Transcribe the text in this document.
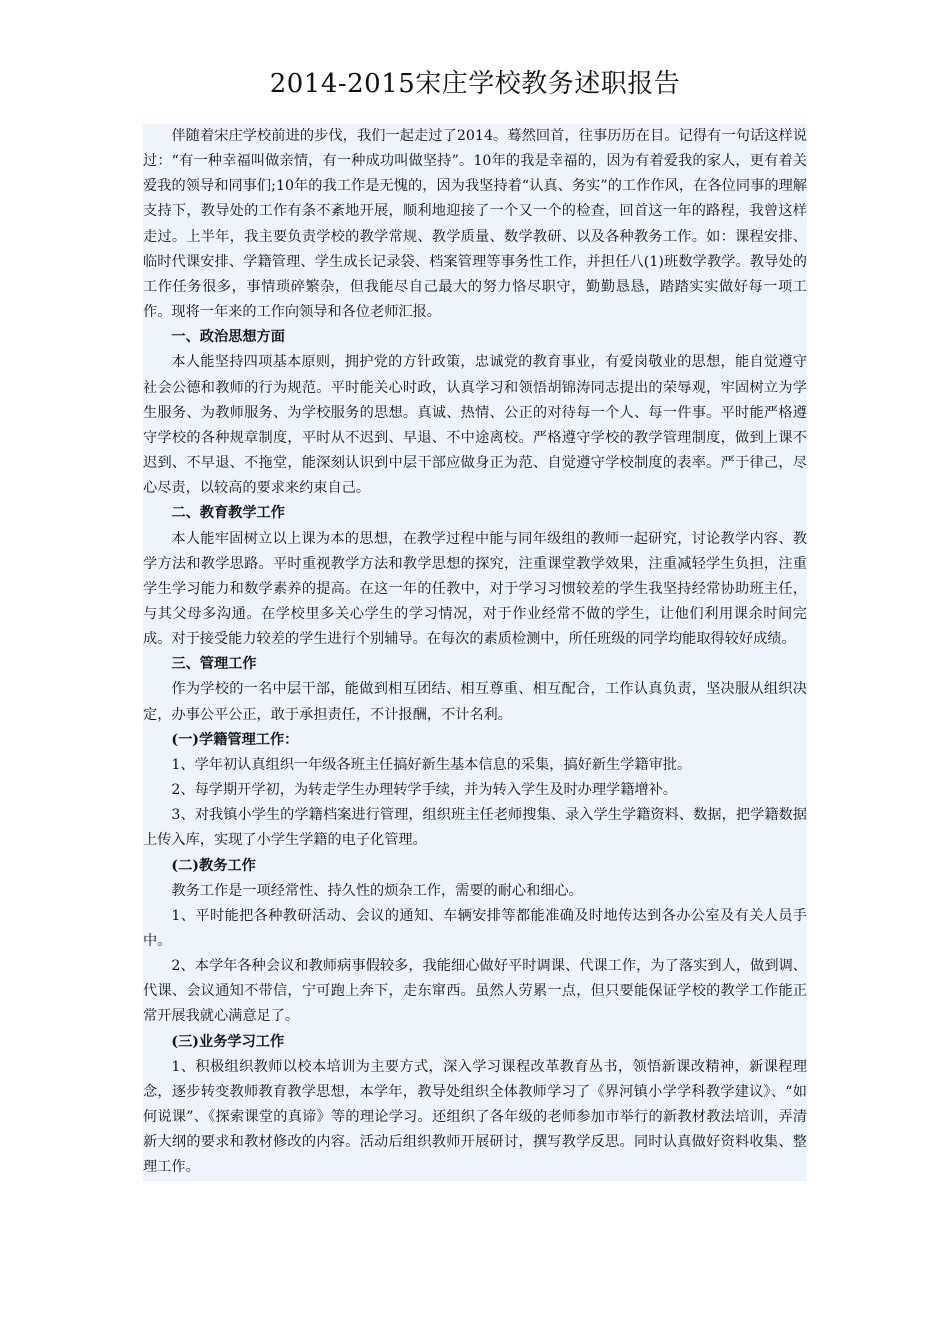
2014-2015宋庄学校教务述职报告

伴随着宋庄学校前进的步伐，我们一起走过了2014。蓦然回首，往事历历在目。记得有一句话这样说过：“有一种幸福叫做亲情，有一种成功叫做坚持”。10年的我是幸福的，因为有着爱我的家人，更有着关爱我的领导和同事们;10年的我工作是无愧的，因为我坚持着“认真、务实”的工作作风，在各位同事的理解支持下，教导处的工作有条不紊地开展，顺利地迎接了一个又一个的检查，回首这一年的路程，我曾这样走过。上半年，我主要负责学校的教学常规、教学质量、数学教研、以及各种教务工作。如：课程安排、临时代课安排、学籍管理、学生成长记录袋、档案管理等事务性工作，并担任八(1)班数学教学。教导处的工作任务很多，事情琐碎繁杂，但我能尽自己最大的努力恪尽职守，勤勤恳恳，踏踏实实做好每一项工作。现将一年来的工作向领导和各位老师汇报。

一、政治思想方面

本人能坚持四项基本原则，拥护党的方针政策，忠诚党的教育事业，有爱岗敬业的思想，能自觉遵守社会公德和教师的行为规范。平时能关心时政，认真学习和领悟胡锦涛同志提出的荣辱观，牢固树立为学生服务、为教师服务、为学校服务的思想。真诚、热情、公正的对待每一个人、每一件事。平时能严格遵守学校的各种规章制度，平时从不迟到、早退、不中途离校。严格遵守学校的教学管理制度，做到上课不迟到、不早退、不拖堂，能深刻认识到中层干部应做身正为范、自觉遵守学校制度的表率。严于律己，尽心尽责，以较高的要求来约束自己。

二、教育教学工作

本人能牢固树立以上课为本的思想，在教学过程中能与同年级组的教师一起研究，讨论教学内容、教学方法和教学思路。平时重视教学方法和教学思想的探究，注重课堂教学效果，注重减轻学生负担，注重学生学习能力和数学素养的提高。在这一年的任教中，对于学习习惯较差的学生我坚持经常协助班主任，与其父母多沟通。在学校里多关心学生的学习情况，对于作业经常不做的学生，让他们利用课余时间完成。对于接受能力较差的学生进行个别辅导。在每次的素质检测中，所任班级的同学均能取得较好成绩。

三、管理工作

作为学校的一名中层干部，能做到相互团结、相互尊重、相互配合，工作认真负责，坚决服从组织决定，办事公平公正，敢于承担责任，不计报酬，不计名利。

(一)学籍管理工作：

1、学年初认真组织一年级各班主任搞好新生基本信息的采集，搞好新生学籍审批。

2、每学期开学初，为转走学生办理转学手续，并为转入学生及时办理学籍增补。

3、对我镇小学生的学籍档案进行管理，组织班主任老师搜集、录入学生学籍资料、数据，把学籍数据上传入库，实现了小学生学籍的电子化管理。

(二)教务工作

教务工作是一项经常性、持久性的烦杂工作，需要的耐心和细心。

1、平时能把各种教研活动、会议的通知、车辆安排等都能准确及时地传达到各办公室及有关人员手中。

2、本学年各种会议和教师病事假较多，我能细心做好平时调课、代课工作，为了落实到人，做到调、代课、会议通知不带信，宁可跑上奔下，走东窜西。虽然人劳累一点，但只要能保证学校的教学工作能正常开展我就心满意足了。

(三)业务学习工作

1、积极组织教师以校本培训为主要方式，深入学习课程改革教育丛书，领悟新课改精神，新课程理念，逐步转变教师教育教学思想，本学年，教导处组织全体教师学习了《界河镇小学学科教学建议》、“如何说课”、《探索课堂的真谛》等的理论学习。还组织了各年级的老师参加市举行的新教材教法培训，弄清新大纲的要求和教材修改的内容。活动后组织教师开展研讨，撰写教学反思。同时认真做好资料收集、整理工作。
